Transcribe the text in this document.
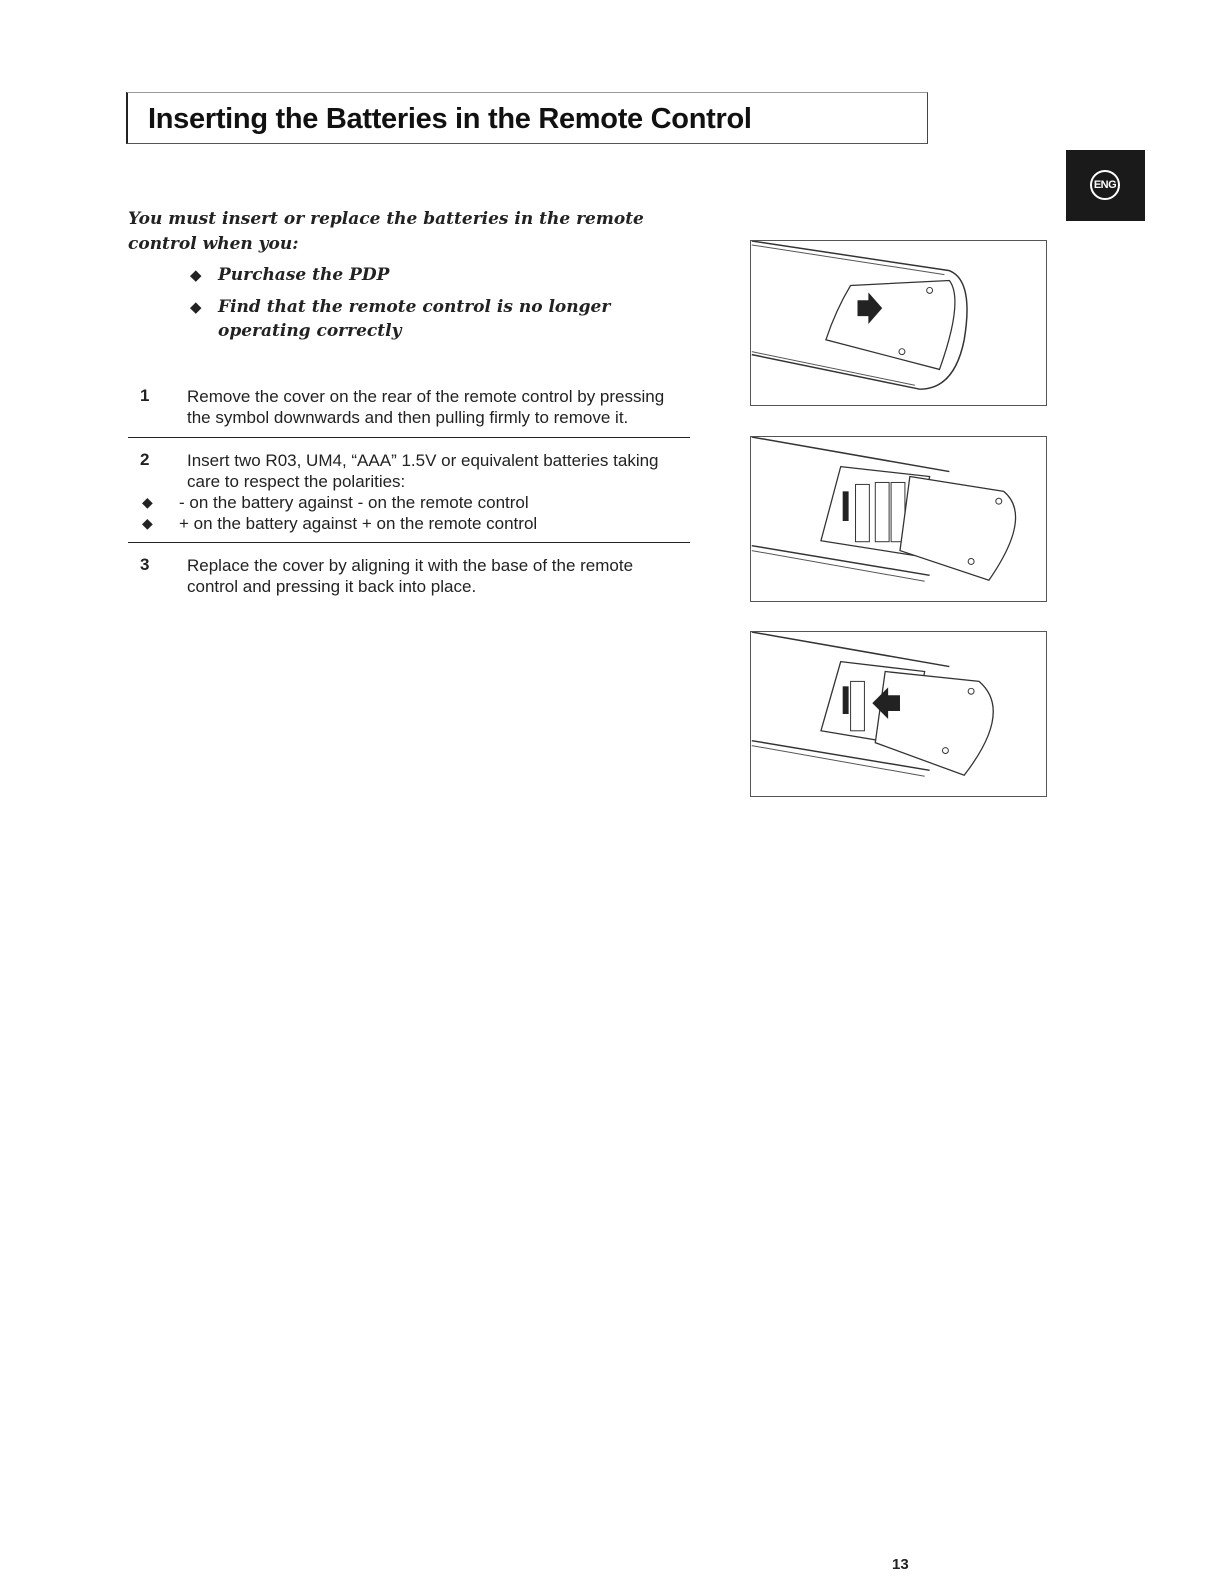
Inserting the Batteries in the Remote Control
ENG
You must insert or replace the batteries in the remote control when you:
◆ Purchase the PDP
◆ Find that the remote control is no longer operating correctly
1 Remove the cover on the rear of the remote control by pressing the symbol downwards and then pulling firmly to remove it.
2 Insert two R03, UM4, “AAA” 1.5V or equivalent batteries taking care to respect the polarities:
◆ - on the battery against - on the remote control
◆ + on the battery against + on the remote control
3 Replace the cover by aligning it with the base of the remote control and pressing it back into place.
13
